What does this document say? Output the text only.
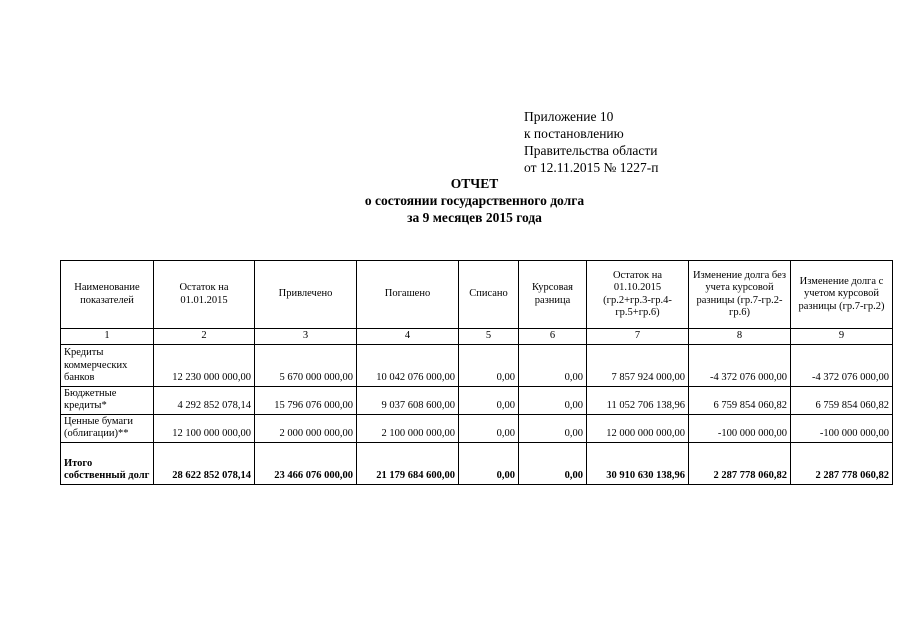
Приложение 10
к постановлению
Правительства области
от 12.11.2015 № 1227-п
ОТЧЕТ
о состоянии государственного долга
за 9 месяцев 2015 года
Наименование показателей	Остаток на 01.01.2015	Привлечено	Погашено	Списано	Курсовая разница	Остаток на 01.10.2015 (гр.2+гр.3-гр.4-гр.5+гр.6)	Изменение долга без учета курсовой разницы (гр.7-гр.2-гр.6)	Изменение долга с учетом курсовой разницы (гр.7-гр.2)
1	2	3	4	5	6	7	8	9
Кредиты коммерческих банков	12 230 000 000,00	5 670 000 000,00	10 042 076 000,00	0,00	0,00	7 857 924 000,00	-4 372 076 000,00	-4 372 076 000,00
Бюджетные кредиты*	4 292 852 078,14	15 796 076 000,00	9 037 608 600,00	0,00	0,00	11 052 706 138,96	6 759 854 060,82	6 759 854 060,82
Ценные бумаги (облигации)**	12 100 000 000,00	2 000 000 000,00	2 100 000 000,00	0,00	0,00	12 000 000 000,00	-100 000 000,00	-100 000 000,00
Итого собственный долг	28 622 852 078,14	23 466 076 000,00	21 179 684 600,00	0,00	0,00	30 910 630 138,96	2 287 778 060,82	2 287 778 060,82
